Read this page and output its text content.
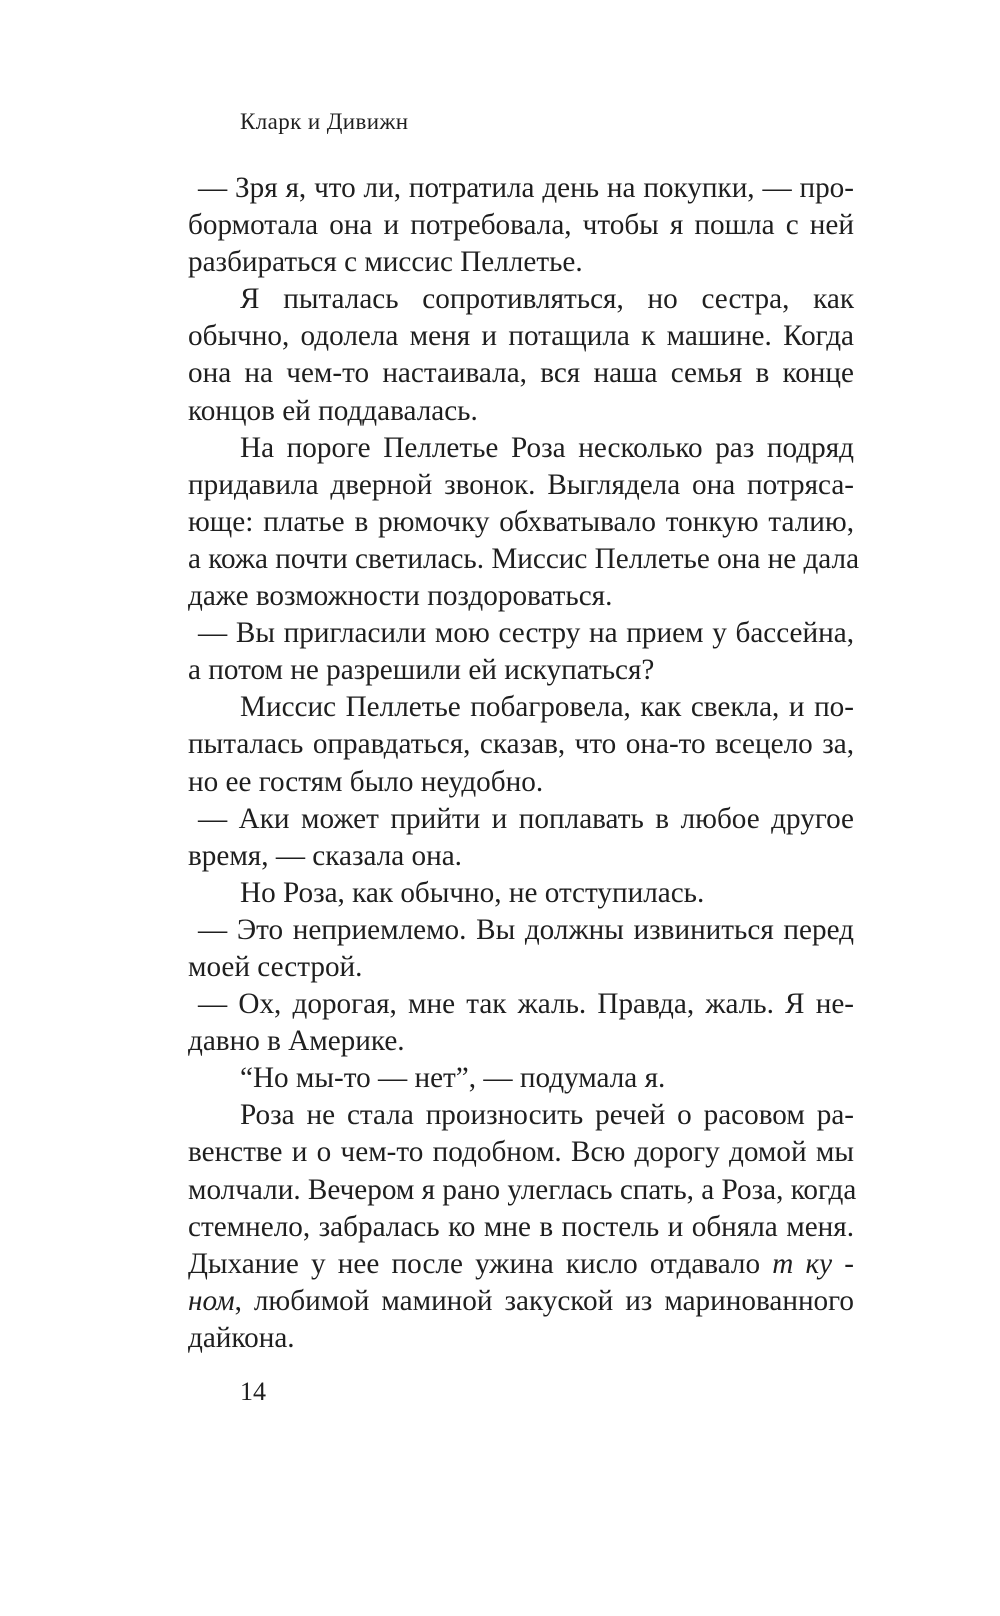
Кларк и Дивижн
— Зря я, что ли, потратила день на покупки, — про-
бормотала она и потребовала, чтобы я пошла с ней
разбираться с миссис Пеллетье.
Я пыталась сопротивляться, но сестра, как
обычно, одолела меня и потащила к машине. Когда
она на чем-то настаивала, вся наша семья в конце
концов ей поддавалась.
На пороге Пеллетье Роза несколько раз подряд
придавила дверной звонок. Выглядела она потряса-
юще: платье в рюмочку обхватывало тонкую талию,
а кожа почти светилась. Миссис Пеллетье она не дала
даже возможности поздороваться.
— Вы пригласили мою сестру на прием у бассейна,
а потом не разрешили ей искупаться?
Миссис Пеллетье побагровела, как свекла, и по-
пыталась оправдаться, сказав, что она-то всецело за,
но ее гостям было неудобно.
— Аки может прийти и поплавать в любое другое
время, — сказала она.
Но Роза, как обычно, не отступилась.
— Это неприемлемо. Вы должны извиниться перед
моей сестрой.
— Ох, дорогая, мне так жаль. Правда, жаль. Я не-
давно в Америке.
“Но мы-то — нет”, — подумала я.
Роза не стала произносить речей о расовом ра-
венстве и о чем-то подобном. Всю дорогу домой мы
молчали. Вечером я рано улеглась спать, а Роза, когда
стемнело, забралась ко мне в постель и обняла меня.
Дыхание у нее после ужина кисло отдавало т ку -
ном, любимой маминой закуской из маринованного
дайкона.
14
